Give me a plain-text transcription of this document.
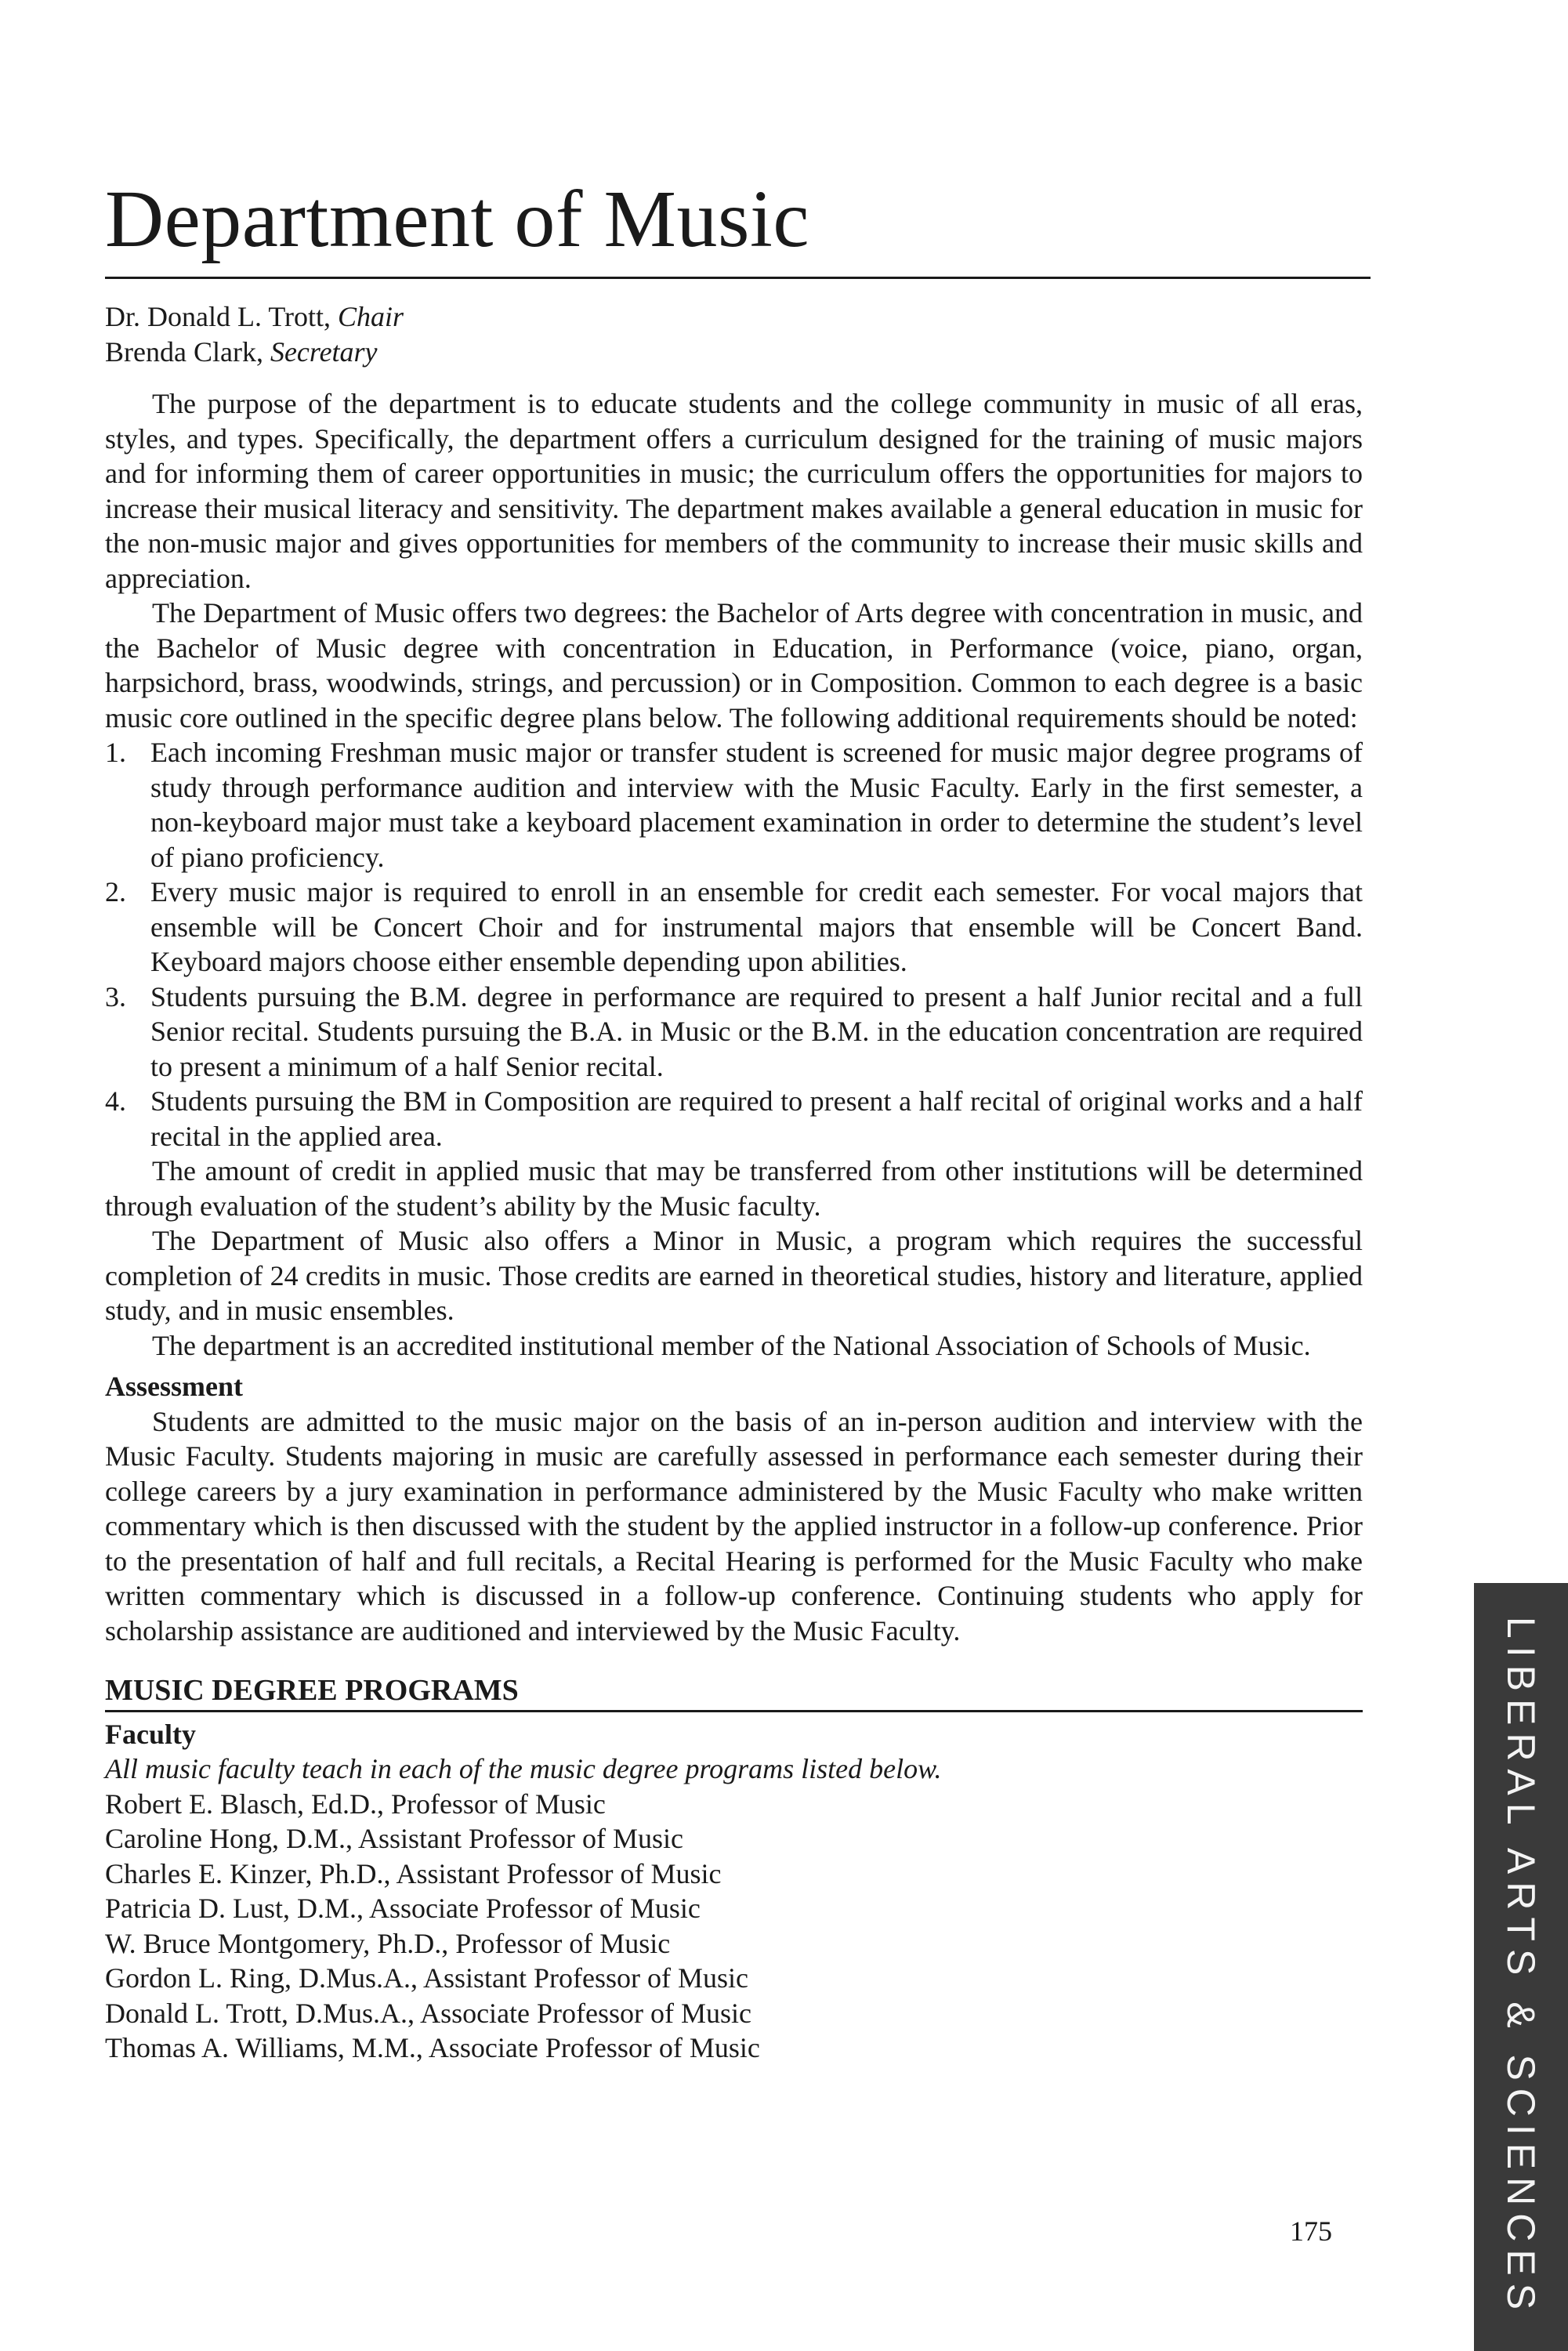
Department of Music
Dr. Donald L. Trott, Chair
Brenda Clark, Secretary

The purpose of the department is to educate students and the college community in music of all eras, styles, and types. Specifically, the department offers a curriculum designed for the training of music majors and for informing them of career opportunities in music; the curriculum offers the opportunities for majors to increase their musical literacy and sensitivity. The department makes available a general education in music for the non-music major and gives opportunities for members of the community to increase their music skills and appreciation.

The Department of Music offers two degrees: the Bachelor of Arts degree with concentration in music, and the Bachelor of Music degree with concentration in Education, in Performance (voice, piano, organ, harpsichord, brass, woodwinds, strings, and percussion) or in Composition. Common to each degree is a basic music core outlined in the specific degree plans below. The following additional requirements should be noted:

1. Each incoming Freshman music major or transfer student is screened for music major degree programs of study through performance audition and interview with the Music Faculty. Early in the first semester, a non-keyboard major must take a keyboard placement examination in order to determine the student’s level of piano proficiency.
2. Every music major is required to enroll in an ensemble for credit each semester. For vocal majors that ensemble will be Concert Choir and for instrumental majors that ensemble will be Concert Band. Keyboard majors choose either ensemble depending upon abilities.
3. Students pursuing the B.M. degree in performance are required to present a half Junior recital and a full Senior recital. Students pursuing the B.A. in Music or the B.M. in the education concentration are required to present a minimum of a half Senior recital.
4. Students pursuing the BM in Composition are required to present a half recital of original works and a half recital in the applied area.

The amount of credit in applied music that may be transferred from other institutions will be determined through evaluation of the student’s ability by the Music faculty.

The Department of Music also offers a Minor in Music, a program which requires the successful completion of 24 credits in music. Those credits are earned in theoretical studies, history and literature, applied study, and in music ensembles.

The department is an accredited institutional member of the National Association of Schools of Music.

Assessment

Students are admitted to the music major on the basis of an in-person audition and interview with the Music Faculty. Students majoring in music are carefully assessed in performance each semester during their college careers by a jury examination in performance administered by the Music Faculty who make written commentary which is then discussed with the student by the applied instructor in a follow-up conference. Prior to the presentation of half and full recitals, a Recital Hearing is performed for the Music Faculty who make written commentary which is discussed in a follow-up conference. Continuing students who apply for scholarship assistance are auditioned and interviewed by the Music Faculty.

MUSIC DEGREE PROGRAMS
Faculty
All music faculty teach in each of the music degree programs listed below.
Robert E. Blasch, Ed.D., Professor of Music
Caroline Hong, D.M., Assistant Professor of Music
Charles E. Kinzer, Ph.D., Assistant Professor of Music
Patricia D. Lust, D.M., Associate Professor of Music
W. Bruce Montgomery, Ph.D., Professor of Music
Gordon L. Ring, D.Mus.A., Assistant Professor of Music
Donald L. Trott, D.Mus.A., Associate Professor of Music
Thomas A. Williams, M.M., Associate Professor of Music
175	LIBERAL ARTS & SCIENCES
